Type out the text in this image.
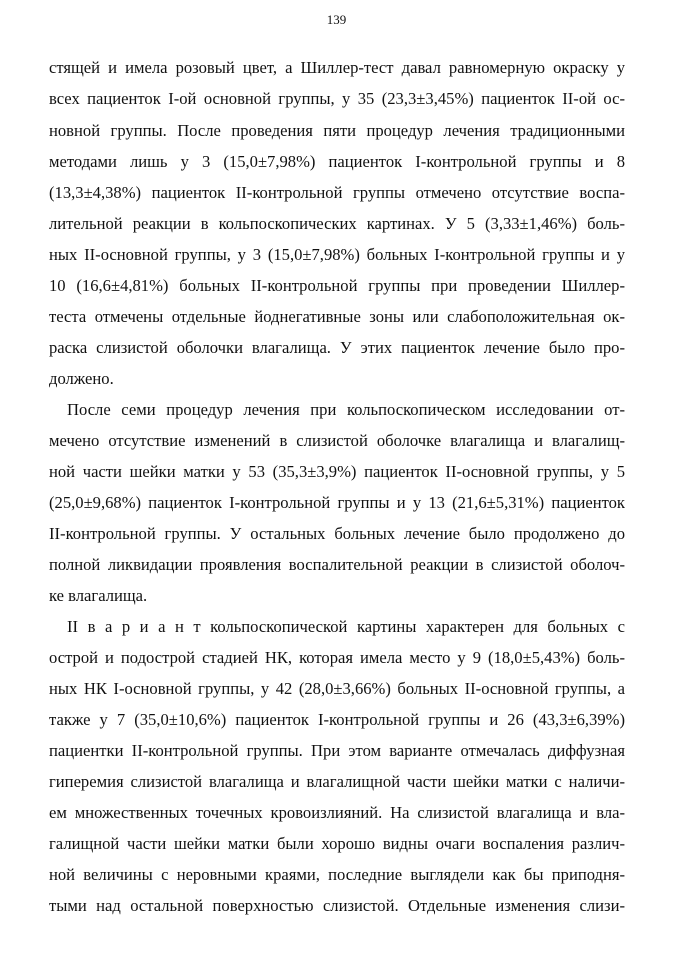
139
стящей и имела розовый цвет, а Шиллер-тест давал равномерную окраску у
всех пациенток I-ой основной группы, у 35 (23,3±3,45%) пациенток II-ой ос-
новной группы. После проведения пяти процедур лечения традиционными
методами лишь у 3 (15,0±7,98%) пациенток I-контрольной группы и 8
(13,3±4,38%) пациенток II-контрольной группы отмечено отсутствие воспа-
лительной реакции в кольпоскопических картинах. У 5 (3,33±1,46%) боль-
ных II-основной группы, у 3 (15,0±7,98%) больных I-контрольной группы и у
10 (16,6±4,81%) больных II-контрольной группы при проведении Шиллер-
теста отмечены отдельные йоднегативные зоны или слабоположительная ок-
раска слизистой оболочки влагалища. У этих пациенток лечение было про-
должено.
После семи процедур лечения при кольпоскопическом исследовании от-
мечено отсутствие изменений в слизистой оболочке влагалища и влагалищ-
ной части шейки матки у 53 (35,3±3,9%) пациенток II-основной группы, у 5
(25,0±9,68%) пациенток I-контрольной группы и у 13 (21,6±5,31%) пациенток
II-контрольной группы. У остальных больных лечение было продолжено до
полной ликвидации проявления воспалительной реакции в слизистой оболоч-
ке влагалища.
II в а р и а н т кольпоскопической картины характерен для больных с
острой и подострой стадией НК, которая имела место у 9 (18,0±5,43%) боль-
ных НК I-основной группы, у 42 (28,0±3,66%) больных II-основной группы, а
также у 7 (35,0±10,6%) пациенток I-контрольной группы и 26 (43,3±6,39%)
пациентки II-контрольной группы. При этом варианте отмечалась диффузная
гиперемия слизистой влагалища и влагалищной части шейки матки с наличи-
ем множественных точечных кровоизлияний. На слизистой влагалища и вла-
галищной части шейки матки были хорошо видны очаги воспаления различ-
ной величины с неровными краями, последние выглядели как бы приподня-
тыми над остальной поверхностью слизистой. Отдельные изменения слизи-
